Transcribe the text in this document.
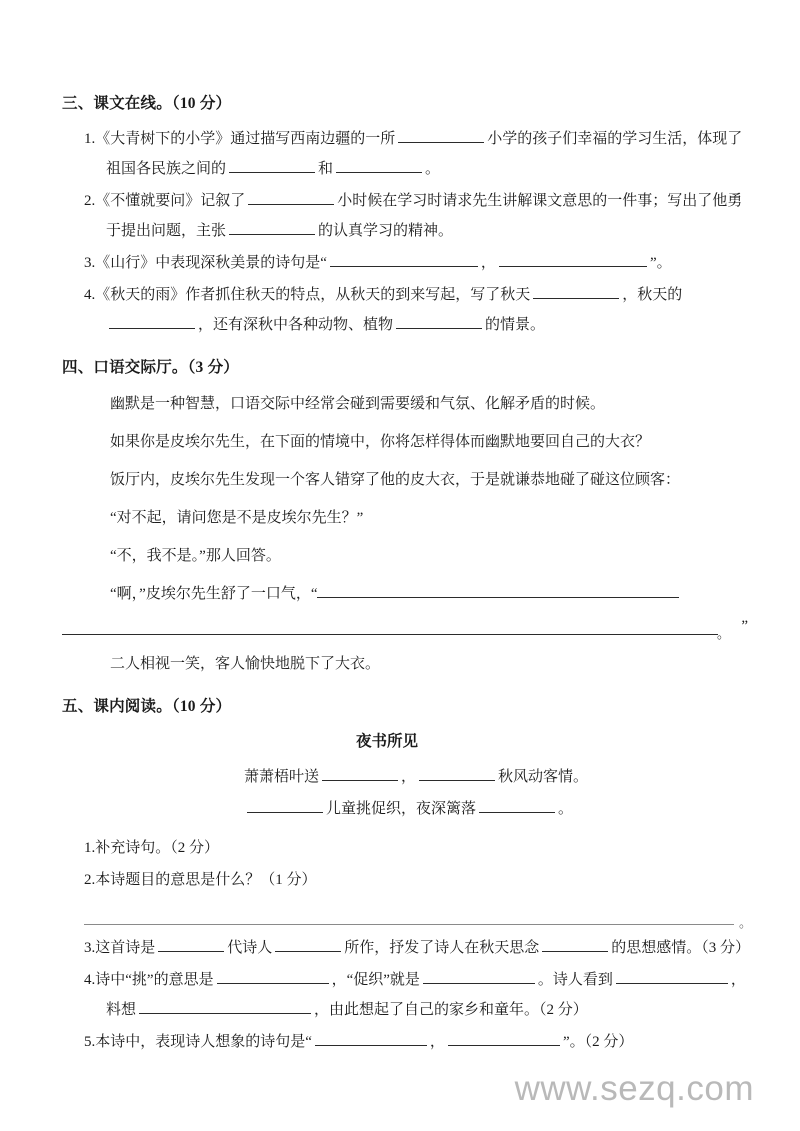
三、课文在线。（10 分）
1.《大青树下的小学》通过描写西南边疆的一所	小学的孩子们幸福的学习生活，体现了祖国各民族之间的	和	。
2.《不懂就要问》记叙了	小时候在学习时请求先生讲解课文意思的一件事；写出了他勇于提出问题，主张	的认真学习的精神。
3.《山行》中表现深秋美景的诗句是“	，	”。
4.《秋天的雨》作者抓住秋天的特点，从秋天的到来写起，写了秋天	，秋天的，还有深秋中各种动物、植物	的情景。
四、口语交际厅。（3 分）
幽默是一种智慧，口语交际中经常会碰到需要缓和气氛、化解矛盾的时候。
如果你是皮埃尔先生，在下面的情境中，你将怎样得体而幽默地要回自己的大衣？
饭厅内，皮埃尔先生发现一个客人错穿了他的皮大衣，于是就谦恭地碰了碰这位顾客：
“对不起，请问您是不是皮埃尔先生？”
“不，我不是。”那人回答。
“啊，”皮埃尔先生舒了一口气，“
。 ”
二人相视一笑，客人愉快地脱下了大衣。
五、课内阅读。（10 分）
夜书所见
萧萧梧叶送	，	秋风动客情。
儿童挑促织，夜深篱落	。
1.补充诗句。（2 分）
2.本诗题目的意思是什么？（1 分）
。
3.这首诗是	代诗人	所作，抒发了诗人在秋天思念	的思想感情。（3 分）
4.诗中“挑”的意思是	，“促织”就是	。诗人看到	，料想	，由此想起了自己的家乡和童年。（2 分）
5.本诗中，表现诗人想象的诗句是“	，	”。（2 分）
www.sezq.com
